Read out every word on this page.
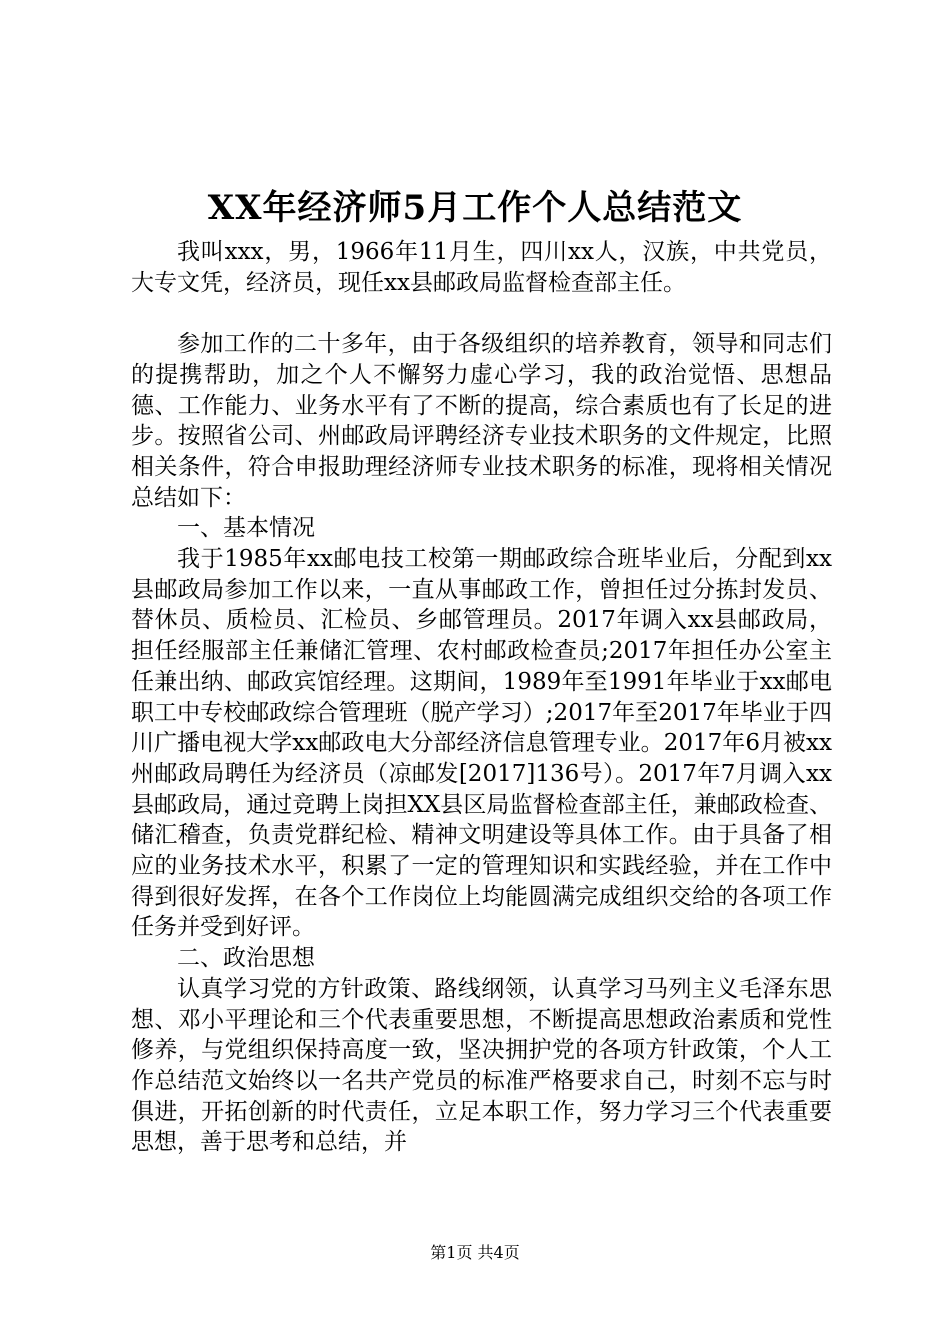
XX年经济师5月工作个人总结范文

我叫xxx，男，1966年11月生，四川xx人，汉族，中共党员，大专文凭，经济员，现任xx县邮政局监督检查部主任。

参加工作的二十多年，由于各级组织的培养教育，领导和同志们的提携帮助，加之个人不懈努力虚心学习，我的政治觉悟、思想品德、工作能力、业务水平有了不断的提高，综合素质也有了长足的进步。按照省公司、州邮政局评聘经济专业技术职务的文件规定，比照相关条件，符合申报助理经济师专业技术职务的标准，现将相关情况总结如下：

一、基本情况

我于1985年xx邮电技工校第一期邮政综合班毕业后，分配到xx县邮政局参加工作以来，一直从事邮政工作，曾担任过分拣封发员、替休员、质检员、汇检员、乡邮管理员。2017年调入xx县邮政局，担任经服部主任兼储汇管理、农村邮政检查员;2017年担任办公室主任兼出纳、邮政宾馆经理。这期间，1989年至1991年毕业于xx邮电职工中专校邮政综合管理班（脱产学习）;2017年至2017年毕业于四川广播电视大学xx邮政电大分部经济信息管理专业。2017年6月被xx州邮政局聘任为经济员（凉邮发[2017]136号）。2017年7月调入xx县邮政局，通过竞聘上岗担XX县区局监督检查部主任，兼邮政检查、储汇稽查，负责党群纪检、精神文明建设等具体工作。由于具备了相应的业务技术水平，积累了一定的管理知识和实践经验，并在工作中得到很好发挥，在各个工作岗位上均能圆满完成组织交给的各项工作任务并受到好评。

二、政治思想

认真学习党的方针政策、路线纲领，认真学习马列主义毛泽东思想、邓小平理论和三个代表重要思想，不断提高思想政治素质和党性修养，与党组织保持高度一致，坚决拥护党的各项方针政策，个人工作总结范文始终以一名共产党员的标准严格要求自己，时刻不忘与时俱进，开拓创新的时代责任，立足本职工作，努力学习三个代表重要思想，善于思考和总结，并

第1页 共4页
